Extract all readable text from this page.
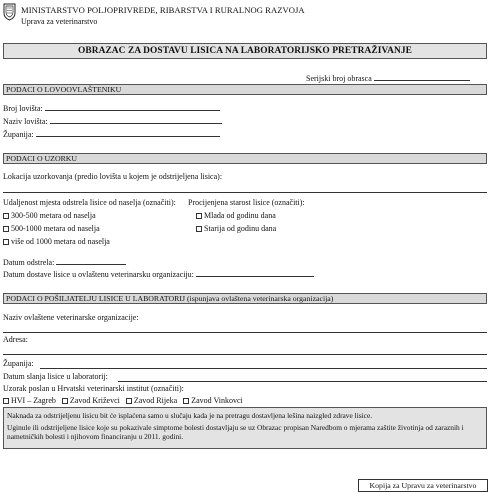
MINISTARSTVO POLJOPRIVREDE, RIBARSTVA I RURALNOG RAZVOJA
Uprava za veterinarstvo
OBRAZAC ZA DOSTAVU LISICA NA LABORATORIJSKO PRETRAŽIVANJE
Serijski broj obrasca
PODACI O LOVOOVLAŠTENIKU
Broj lovišta:
Naziv lovišta:
Županija:
PODACI O UZORKU
Lokacija uzorkovanja (predio lovišta u kojem je odstrijeljena lisica):
Udaljenost mjesta odstrela lisice od naselja (označiti): Procijenjena starost lisice (označiti):
300-500 metara od naselja
500-1000 metara od naselja
više od 1000 metara od naselja
Mlada od godinu dana
Starija od godinu dana
Datum odstrela:
Datum dostave lisice u ovlaštenu veterinarsku organizaciju:
PODACI O POŠILJATELJU LISICE U LABORATORIJ (ispunjava ovlaštena veterinarska organizacija)
Naziv ovlaštene veterinarske organizacije:
Adresa:
Županija:
Datum slanja lisice u laboratorij:
Uzorak poslan u Hrvatski veterinarski institut (označiti):
HVI – Zagreb Zavod Križevci Zavod Rijeka Zavod Vinkovci

Naknada za odstrijeljenu lisicu bit će isplaćena samo u slučaju kada je na pretragu dostavljena lešina naizgled zdrave lisice.

Uginule ili odstrijeljene lisice koje su pokazivale simptome bolesti dostavljaju se uz Obrazac propisan Naredbom o mjerama zaštite životinja od zaraznih i nametničkih bolesti i njihovom financiranju u 2011. godini.

Kopija za Upravu za veterinarstvo
